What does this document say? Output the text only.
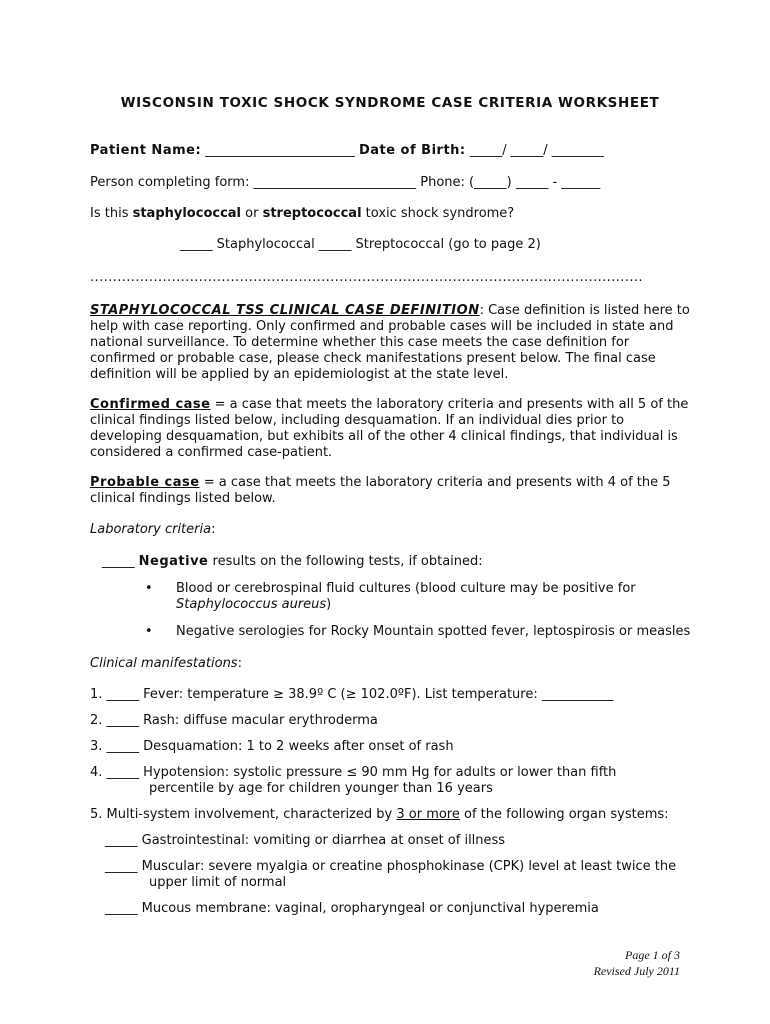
WISCONSIN TOXIC SHOCK SYNDROME CASE CRITERIA WORKSHEET
Patient Name: _______________________ Date of Birth: _____/ _____/ ________
Person completing form: _________________________ Phone: (_____) _____ - ______
Is this staphylococcal or streptococcal toxic shock syndrome?
_____ Staphylococcal _____ Streptococcal (go to page 2)
..........................................................................................................................
STAPHYLOCOCCAL TSS CLINICAL CASE DEFINITION: Case definition is listed here to
help with case reporting. Only confirmed and probable cases will be included in state and
national surveillance. To determine whether this case meets the case definition for
confirmed or probable case, please check manifestations present below. The final case
definition will be applied by an epidemiologist at the state level.
Confirmed case = a case that meets the laboratory criteria and presents with all 5 of the
clinical findings listed below, including desquamation. If an individual dies prior to
developing desquamation, but exhibits all of the other 4 clinical findings, that individual is
considered a confirmed case-patient.
Probable case = a case that meets the laboratory criteria and presents with 4 of the 5
clinical findings listed below.
Laboratory criteria:
_____ Negative results on the following tests, if obtained:
• Blood or cerebrospinal fluid cultures (blood culture may be positive for
Staphylococcus aureus)
• Negative serologies for Rocky Mountain spotted fever, leptospirosis or measles
Clinical manifestations:
1. _____ Fever: temperature ≥ 38.9º C (≥ 102.0ºF). List temperature: ___________
2. _____ Rash: diffuse macular erythroderma
3. _____ Desquamation: 1 to 2 weeks after onset of rash
4. _____ Hypotension: systolic pressure ≤ 90 mm Hg for adults or lower than fifth
percentile by age for children younger than 16 years
5. Multi-system involvement, characterized by 3 or more of the following organ systems:
_____ Gastrointestinal: vomiting or diarrhea at onset of illness
_____ Muscular: severe myalgia or creatine phosphokinase (CPK) level at least twice the
upper limit of normal
_____ Mucous membrane: vaginal, oropharyngeal or conjunctival hyperemia
Page 1 of 3
Revised July 2011
